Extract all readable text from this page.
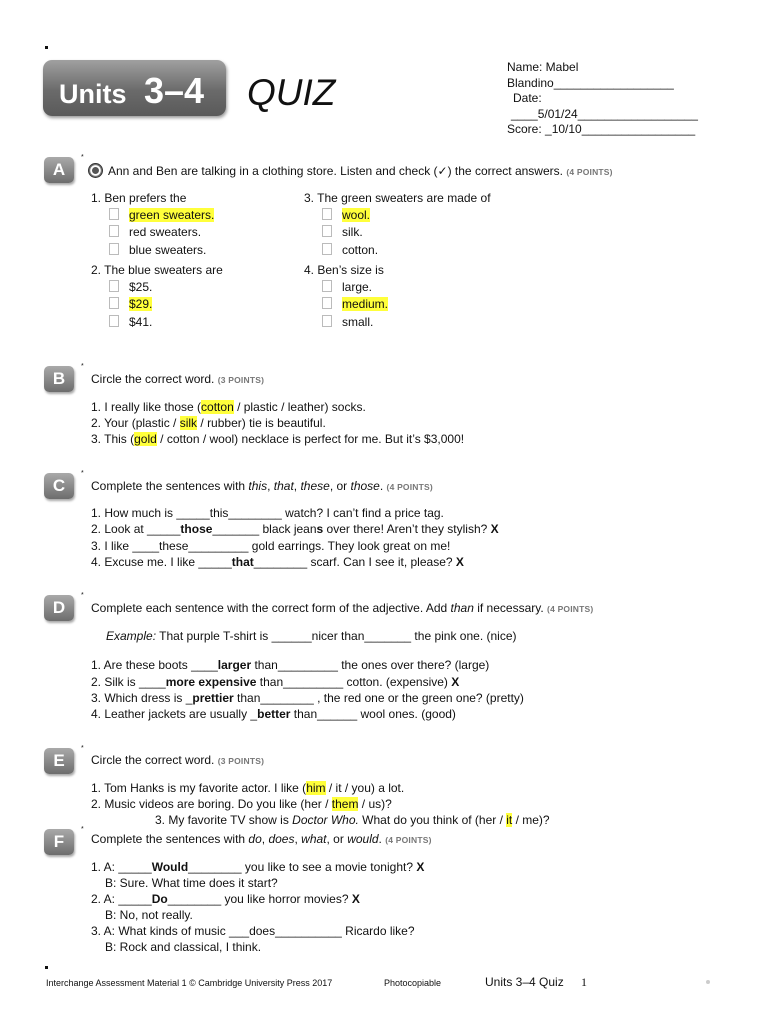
Units 3–4 QUIZ
Name: Mabel
Blandino__________________
Date:
____5/01/24__________________
Score: _10/10_________________
A
*
Ann and Ben are talking in a clothing store. Listen and check (✓) the correct answers. (4 POINTS)
1. Ben prefers the
green sweaters.
red sweaters.
blue sweaters.
2. The blue sweaters are
$25.
$29.
$41.
3. The green sweaters are made of
wool.
silk.
cotton.
4. Ben’s size is
large.
medium.
small.
B
*
Circle the correct word. (3 POINTS)
1. I really like those (cotton / plastic / leather) socks.
2. Your (plastic / silk / rubber) tie is beautiful.
3. This (gold / cotton / wool) necklace is perfect for me. But it’s $3,000!
C
*
Complete the sentences with this, that, these, or those. (4 POINTS)
1. How much is _____this________ watch? I can’t find a price tag.
2. Look at _____those_______ black jeans over there! Aren’t they stylish? X
3. I like ____these_________ gold earrings. They look great on me!
4. Excuse me. I like _____that________ scarf. Can I see it, please? X
D
*
Complete each sentence with the correct form of the adjective. Add than if necessary. (4 POINTS)
Example: That purple T-shirt is ______nicer than_______ the pink one. (nice)
1. Are these boots ____larger than_________ the ones over there? (large)
2. Silk is ____more expensive than_________ cotton. (expensive) X
3. Which dress is _prettier than________ , the red one or the green one? (pretty)
4. Leather jackets are usually _better than______ wool ones. (good)
E
*
Circle the correct word. (3 POINTS)
1. Tom Hanks is my favorite actor. I like (him / it / you) a lot.
2. Music videos are boring. Do you like (her / them / us)?
3. My favorite TV show is Doctor Who. What do you think of (her / it / me)?
F
*
Complete the sentences with do, does, what, or would. (4 POINTS)
1. A: _____Would________ you like to see a movie tonight? X
B: Sure. What time does it start?
2. A: _____Do________ you like horror movies? X
B: No, not really.
3. A: What kinds of music ___does__________ Ricardo like?
B: Rock and classical, I think.
Interchange Assessment Material 1 © Cambridge University Press 2017	Photocopiable	Units 3–4 Quiz 1
